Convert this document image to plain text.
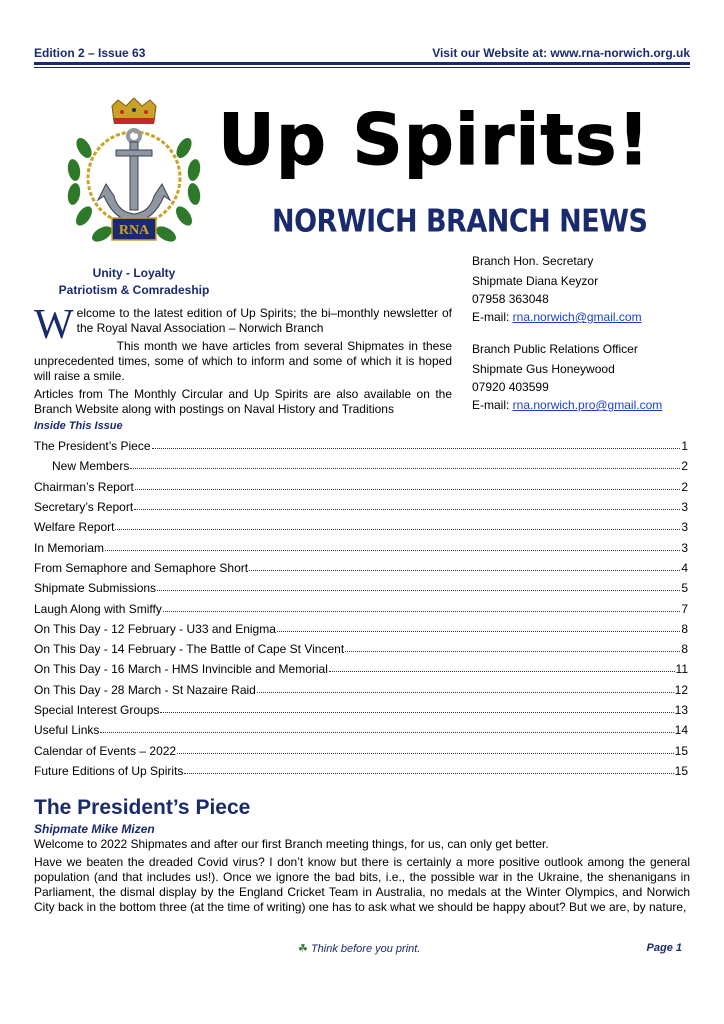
Edition 2 – Issue 63	Visit our Website at: www.rna-norwich.org.uk
RNA
Unity - Loyalty
Patriotism & Comradeship
Up Spirits!
NORWICH BRANCH NEWS
Branch Hon. Secretary
Shipmate Diana Keyzor
07958 363048
E-mail: rna.norwich@gmail.com
Branch Public Relations Officer
Shipmate Gus Honeywood
07920 403599
E-mail: rna.norwich.pro@gmail.com

Welcome to the latest edition of Up Spirits; the bi–monthly newsletter of the Royal Naval Association – Norwich Branch

This month we have articles from several Shipmates in these unprecedented times, some of which to inform and some of which it is hoped will raise a smile.

Articles from The Monthly Circular and Up Spirits are also available on the Branch Website along with postings on Naval History and Traditions

Inside This Issue
The President’s Piece	1
New Members	2
Chairman’s Report	2
Secretary’s Report	3
Welfare Report	3
In Memoriam	3
From Semaphore and Semaphore Short	4
Shipmate Submissions	5
Laugh Along with Smiffy	7
On This Day - 12 February - U33 and Enigma	8
On This Day - 14 February - The Battle of Cape St Vincent	8
On This Day - 16 March - HMS Invincible and Memorial	11
On This Day - 28 March - St Nazaire Raid	12
Special Interest Groups	13
Useful Links	14
Calendar of Events – 2022	15
Future Editions of Up Spirits	15
The President’s Piece
Shipmate Mike Mizen

Welcome to 2022 Shipmates and after our first Branch meeting things, for us, can only get better.

Have we beaten the dreaded Covid virus? I don’t know but there is certainly a more positive outlook among the general population (and that includes us!). Once we ignore the bad bits, i.e., the possible war in the Ukraine, the shenanigans in Parliament, the dismal display by the England Cricket Team in Australia, no medals at the Winter Olympics, and Norwich City back in the bottom three (at the time of writing) one has to ask what we should be happy about? But we are, by nature,

☘ Think before you print.	Page 1
